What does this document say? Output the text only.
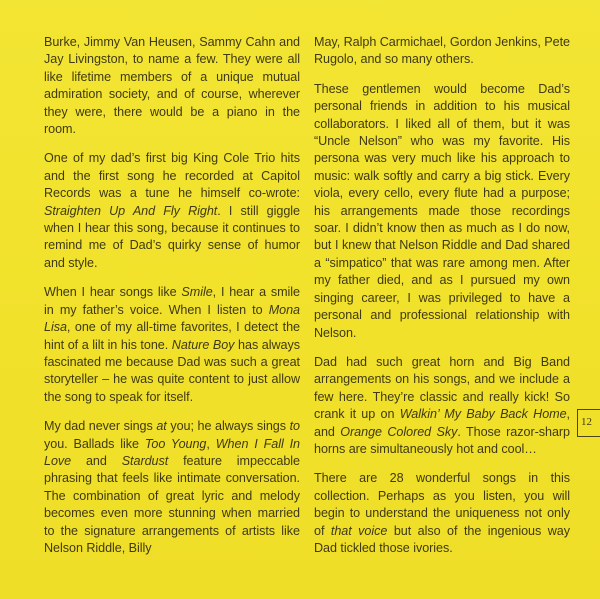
Burke, Jimmy Van Heusen, Sammy Cahn and Jay Livingston, to name a few. They were all like lifetime members of a unique mutual admiration society, and of course, wherever they were, there would be a piano in the room.

One of my dad’s first big King Cole Trio hits and the first song he recorded at Capitol Records was a tune he himself co-wrote: Straighten Up And Fly Right. I still giggle when I hear this song, because it continues to remind me of Dad’s quirky sense of humor and style.

When I hear songs like Smile, I hear a smile in my father’s voice. When I listen to Mona Lisa, one of my all-time favorites, I detect the hint of a lilt in his tone. Nature Boy has always fascinated me because Dad was such a great storyteller – he was quite content to just allow the song to speak for itself.

My dad never sings at you; he always sings to you. Ballads like Too Young, When I Fall In Love and Stardust feature impeccable phrasing that feels like intimate conversation. The combination of great lyric and melody becomes even more stunning when married to the signature arrangements of artists like Nelson Riddle, Billy

May, Ralph Carmichael, Gordon Jenkins, Pete Rugolo, and so many others.

These gentlemen would become Dad’s personal friends in addition to his musical collaborators. I liked all of them, but it was “Uncle Nelson” who was my favorite. His persona was very much like his approach to music: walk softly and carry a big stick. Every viola, every cello, every flute had a purpose; his arrangements made those recordings soar. I didn’t know then as much as I do now, but I knew that Nelson Riddle and Dad shared a “simpatico” that was rare among men. After my father died, and as I pursued my own singing career, I was privileged to have a personal and professional relationship with Nelson.

Dad had such great horn and Big Band arrangements on his songs, and we include a few here. They’re classic and really kick! So crank it up on Walkin’ My Baby Back Home, and Orange Colored Sky. Those razor-sharp horns are simultaneously hot and cool…

There are 28 wonderful songs in this collection. Perhaps as you listen, you will begin to understand the uniqueness not only of that voice but also of the ingenious way Dad tickled those ivories.

12
